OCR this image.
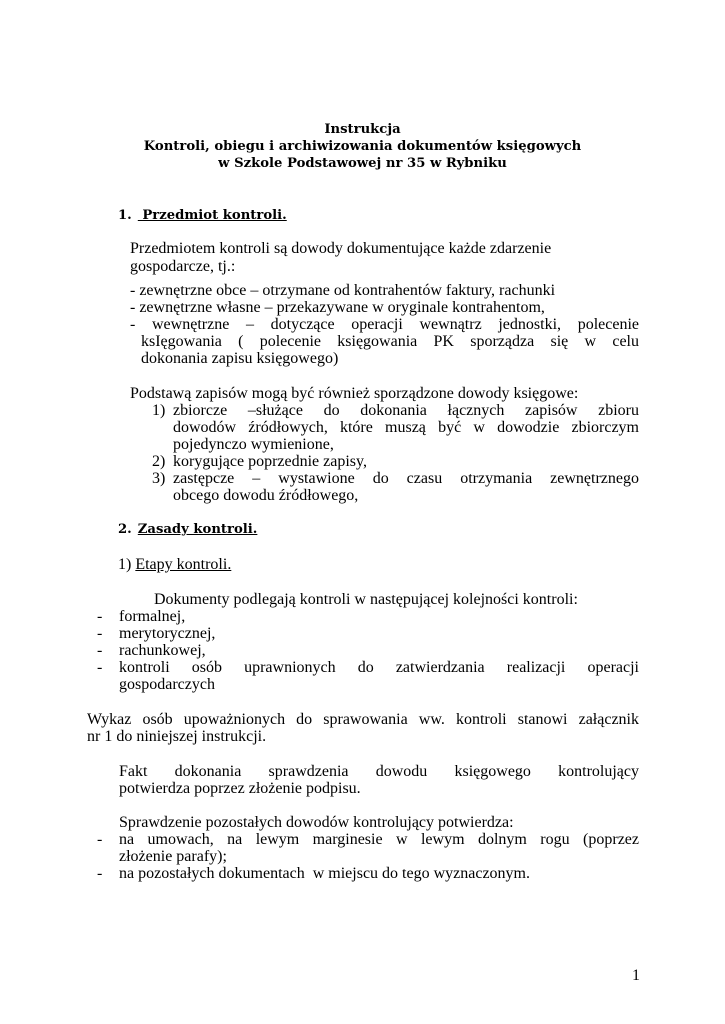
Instrukcja
Kontroli, obiegu i archiwizowania dokumentów księgowych
w Szkole Podstawowej nr 35 w Rybniku
1. Przedmiot kontroli.
Przedmiotem kontroli są dowody dokumentujące każde zdarzenie
gospodarcze, tj.:
- zewnętrzne obce – otrzymane od kontrahentów faktury, rachunki
- zewnętrzne własne – przekazywane w oryginale kontrahentom,
- wewnętrzne – dotyczące operacji wewnątrz jednostki, polecenie
ksIęgowania ( polecenie księgowania PK sporządza się w celu
dokonania zapisu księgowego)
Podstawą zapisów mogą być również sporządzone dowody księgowe:
1) zbiorcze –służące do dokonania łącznych zapisów zbioru
dowodów źródłowych, które muszą być w dowodzie zbiorczym
pojedynczo wymienione,
2) korygujące poprzednie zapisy,
3) zastępcze – wystawione do czasu otrzymania zewnętrznego
obcego dowodu źródłowego,
2. Zasady kontroli.
1) Etapy kontroli.
Dokumenty podlegają kontroli w następującej kolejności kontroli:
- formalnej,
- merytorycznej,
- rachunkowej,
- kontroli osób uprawnionych do zatwierdzania realizacji operacji
gospodarczych
Wykaz osób upoważnionych do sprawowania ww. kontroli stanowi załącznik
nr 1 do niniejszej instrukcji.
Fakt dokonania sprawdzenia dowodu księgowego kontrolujący
potwierdza poprzez złożenie podpisu.
Sprawdzenie pozostałych dowodów kontrolujący potwierdza:
- na umowach, na lewym marginesie w lewym dolnym rogu (poprzez
złożenie parafy);
- na pozostałych dokumentach  w miejscu do tego wyznaczonym.
1
